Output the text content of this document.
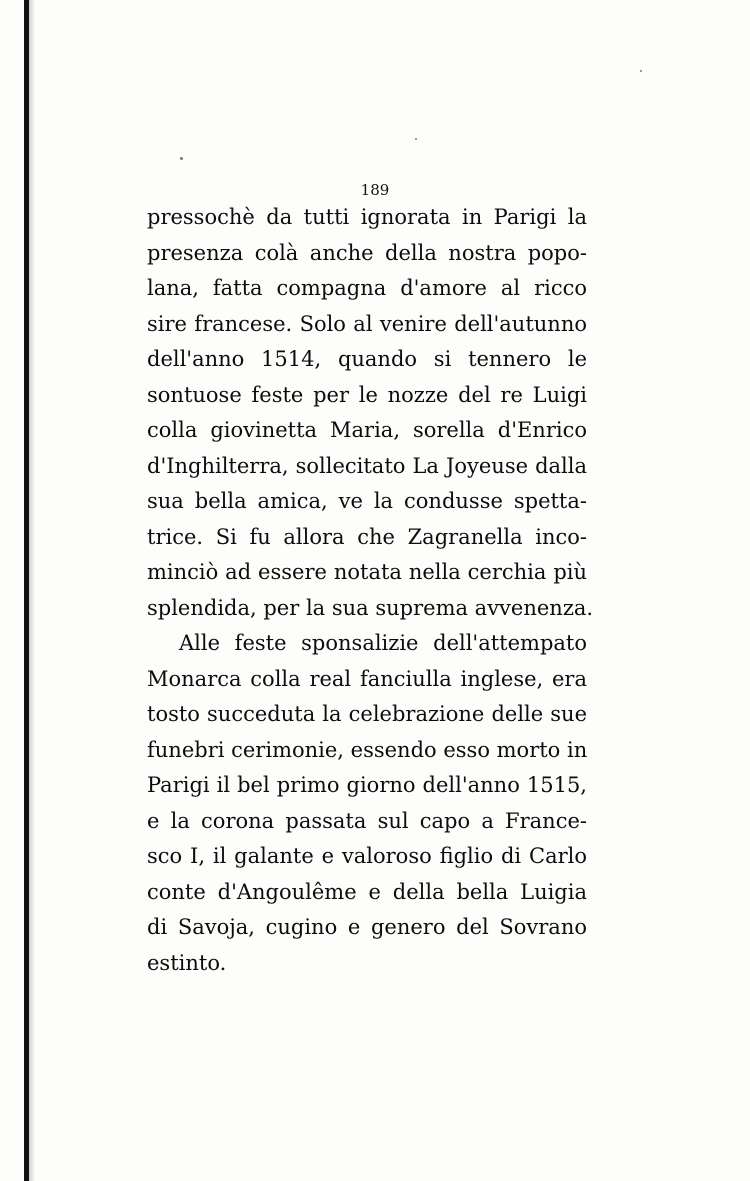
189
pressochè da tutti ignorata in Parigi la
presenza colà anche della nostra popo-
lana, fatta compagna d'amore al ricco
sire francese. Solo al venire dell'autunno
dell'anno 1514, quando si tennero le
sontuose feste per le nozze del re Luigi
colla giovinetta Maria, sorella d'Enrico
d'Inghilterra, sollecitato La Joyeuse dalla
sua bella amica, ve la condusse spetta-
trice. Si fu allora che Zagranella inco-
minciò ad essere notata nella cerchia più
splendida, per la sua suprema avvenenza.
Alle feste sponsalizie dell'attempato
Monarca colla real fanciulla inglese, era
tosto succeduta la celebrazione delle sue
funebri cerimonie, essendo esso morto in
Parigi il bel primo giorno dell'anno 1515,
e la corona passata sul capo a France-
sco I, il galante e valoroso figlio di Carlo
conte d'Angoulême e della bella Luigia
di Savoja, cugino e genero del Sovrano
estinto.
